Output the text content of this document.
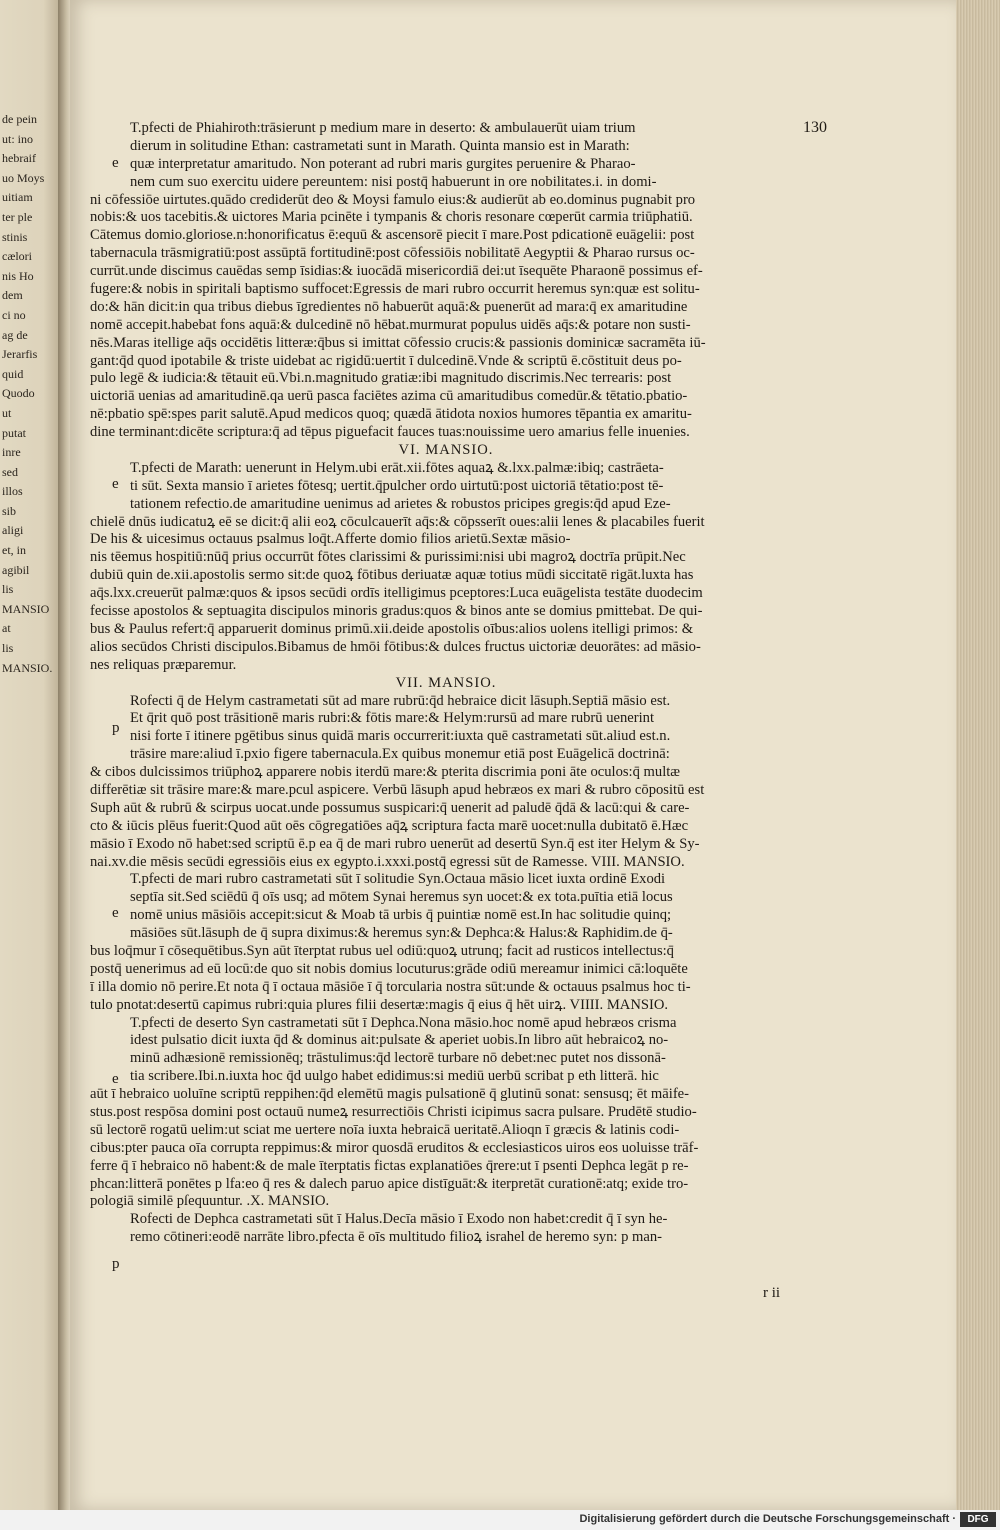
de pein
ut: ino
hebraif
uo Moys
uitiam
ter ple
stinis
cælori
nis Ho
dem
ci no
ag de
Jerarfis
quid
Quodo
ut
putat
inre
sed
illos
sib
aligi
et, in
agibil
lis
MANSIO
at
lis
MANSIO.
130
T.pfecti de Phiahiroth:trāsierunt p medium mare in deserto: & ambulauerūt uiam trium
dierum in solitudine Ethan: castrametati sunt in Marath. Quinta mansio est in Marath:
quæ interpretatur amaritudo. Non poterant ad rubri maris gurgites peruenire & Pharao-
nem cum suo exercitu uidere pereuntem: nisi postq̄ habuerunt in ore nobilitates.i. in domi-
ni cōfessiōe uirtutes.quādo crediderūt deo & Moysi famulo eius:& audierūt ab eo.dominus pugnabit pro
nobis:& uos tacebitis.& uictores Maria pcinēte i tympanis & choris resonare cœperūt carmia triūphatiū.
Cātemus domio.gloriose.n:honorificatus ē:equū & ascensorē piecit ī mare.Post pdicationē euāgelii: post
tabernacula trāsmigratiū:post assūptā fortitudinē:post cōfessiōis nobilitatē Aegyptii & Pharao rursus oc-
currūt.unde discimus cauēdas semp īsidias:& iuocādā misericordiā dei:ut īsequēte Pharaonē possimus ef-
fugere:& nobis in spiritali baptismo suffocet:Egressis de mari rubro occurrit heremus syn:quæ est solitu-
do:& hān dicit:in qua tribus diebus īgredientes nō habuerūt aquā:& puenerūt ad mara:q̄ ex amaritudine
nomē accepit.habebat fons aquā:& dulcedinē nō hēbat.murmurat populus uidēs aq̄s:& potare non susti-
nēs.Maras itellige aq̄s occidētis litteræ:q̄bus si imittat cōfessio crucis:& passionis dominicæ sacramēta iū-
gant:q̄d quod ipotabile & triste uidebat ac rigidū:uertit ī dulcedinē.Vnde & scriptū ē.cōstituit deus po-
pulo legē & iudicia:& tētauit eū.Vbi.n.magnitudo gratiæ:ibi magnitudo discrimis.Nec terrearis: post
uictoriā uenias ad amaritudinē.qa uerū pasca faciētes azima cū amaritudibus comedūr.& tētatio.pbatio-
nē:pbatio spē:spes parit salutē.Apud medicos quoq; quædā ātidota noxios humores tēpantia ex amaritu-
dine terminant:dicēte scriptura:q̄ ad tēpus piguefacit fauces tuas:nouissime uero amarius felle inuenies.
VI. MANSIO.
T.pfecti de Marath: uenerunt in Helym.ubi erāt.xii.fōtes aquaꝝ &.lxx.palmæ:ibiq; castrāeta-
ti sūt. Sexta mansio ī arietes fōtesq; uertit.q̄pulcher ordo uirtutū:post uictoriā tētatio:post tē-
tationem refectio.de amaritudine uenimus ad arietes & robustos pricipes gregis:q̄d apud Eze-
chielē dnūs iudicatuꝝ eē se dicit:q̄ alii eoꝝ cōculcauerīt aq̄s:& cōpsserīt oues:alii lenes & placabiles fuerit
De his & uicesimus octauus psalmus loq̄t.Afferte domio filios arietū.Sextæ māsio-
nis tēemus hospitiū:nūq̄ prius occurrūt fōtes clarissimi & purissimi:nisi ubi magroꝝ doctrīa prūpit.Nec
dubiū quin de.xii.apostolis sermo sit:de quoꝝ fōtibus deriuatæ aquæ totius mūdi siccitatē rigāt.luxta has
aq̄s.lxx.creuerūt palmæ:quos & ipsos secūdi ordīs itelligimus pceptores:Luca euāgelista testāte duodecim
fecisse apostolos & septuagita discipulos minoris gradus:quos & binos ante se domius pmittebat. De qui-
bus & Paulus refert:q̄ apparuerit dominus primū.xii.deide apostolis oībus:alios uolens itelligi primos: &
alios secūdos Christi discipulos.Bibamus de hmōi fōtibus:& dulces fructus uictoriæ deuorātes: ad māsio-
nes reliquas præparemur.
VII. MANSIO.
Rofecti q̄ de Helym castrametati sūt ad mare rubrū:q̄d hebraice dicit lāsuph.Septiā māsio est.
Et q̄rit quō post trāsitionē maris rubri:& fōtis mare:& Helym:rursū ad mare rubrū uenerint
nisi forte ī itinere pgētibus sinus quidā maris occurrerit:iuxta quē castrametati sūt.aliud est.n.
trāsire mare:aliud ī.pxio figere tabernacula.Ex quibus monemur etiā post Euāgelicā doctrinā:
& cibos dulcissimos triūphoꝝ apparere nobis iterdū mare:& pterita discrimia poni āte oculos:q̄ multæ
differētiæ sit trāsire mare:& mare.pcul aspicere. Verbū lāsuph apud hebræos ex mari & rubro cōpositū est
Suph aūt & rubrū & scirpus uocat.unde possumus suspicari:q̄ uenerit ad paludē q̄dā & lacū:qui & care-
cto & iūcis plēus fuerit:Quod aūt oēs cōgregatiōes aq̄ꝝ scriptura facta marē uocet:nulla dubitatō ē.Hæc
māsio ī Exodo nō habet:sed scriptū ē.p ea q̄ de mari rubro uenerūt ad desertū Syn.q̄ est iter Helym & Sy-
nai.xv.die mēsis secūdi egressiōis eius ex egypto.i.xxxi.postq̄ egressi sūt de Ramesse. VIII. MANSIO.
T.pfecti de mari rubro castrametati sūt ī solitudie Syn.Octaua māsio licet iuxta ordinē Exodi
septīa sit.Sed sciēdū q̄ oīs usq; ad mōtem Synai heremus syn uocet:& ex tota.puītia etiā locus
nomē unius māsiōis accepit:sicut & Moab tā urbis q̄ puintiæ nomē est.In hac solitudie quinq;
māsiōes sūt.lāsuph de q̄ supra diximus:& heremus syn:& Dephca:& Halus:& Raphidim.de q̄-
bus loq̄mur ī cōsequētibus.Syn aūt īterptat rubus uel odiū:quoꝝ utrunq; facit ad rusticos intellectus:q̄
postq̄ uenerimus ad eū locū:de quo sit nobis domius locuturus:grāde odiū mereamur inimici cā:loquēte
ī illa domio nō perire.Et nota q̄ ī octaua māsiōe ī q̄ torcularia nostra sūt:unde & octauus psalmus hoc ti-
tulo pnotat:desertū capimus rubri:quia plures filii desertæ:magis q̄ eius q̄ hēt uirꝝ. VIIII. MANSIO.
T.pfecti de deserto Syn castrametati sūt ī Dephca.Nona māsio.hoc nomē apud hebræos crisma
idest pulsatio dicit iuxta q̄d & dominus ait:pulsate & aperiet uobis.In libro aūt hebraicoꝝ no-
minū adhæsionē remissionēq; trāstulimus:q̄d lectorē turbare nō debet:nec putet nos dissonā-
tia scribere.Ibi.n.iuxta hoc q̄d uulgo habet edidimus:si mediū uerbū scribat p eth litterā. hic
aūt ī hebraico uoluīne scriptū reppihen:q̄d elemētū magis pulsationē q̄ glutinū sonat: sensusq; ēt māife-
stus.post respōsa domini post octauū numeꝝ resurrectiōis Christi icipimus sacra pulsare. Prudētē studio-
sū lectorē rogatū uelim:ut sciat me uertere noīa iuxta hebraicā ueritatē.Alioqn ī græcis & latinis codi-
cibus:pter pauca oīa corrupta reppimus:& miror quosdā eruditos & ecclesiasticos uiros eos uoluisse trāf-
ferre q̄ ī hebraico nō habent:& de male īterptatis fictas explanatiōes q̄rere:ut ī psenti Dephca legāt p re-
phcan:litterā ponētes p lfa:eo q̄ res & dalech paruo apice distīguāt:& iterpretāt curationē:atq; exide tro-
pologiā similē pſequuntur. .X. MANSIO.
Rofecti de Dephca castrametati sūt ī Halus.Decīa māsio ī Exodo non habet:credit q̄ ī syn he-
remo cōtineri:eodē narrāte libro.pfecta ē oīs multitudo filioꝝ israhel de heremo syn: p man-
e
e
p
e
e
p
r ii
Digitalisierung gefördert durch die Deutsche Forschungsgemeinschaft ·	DFG
